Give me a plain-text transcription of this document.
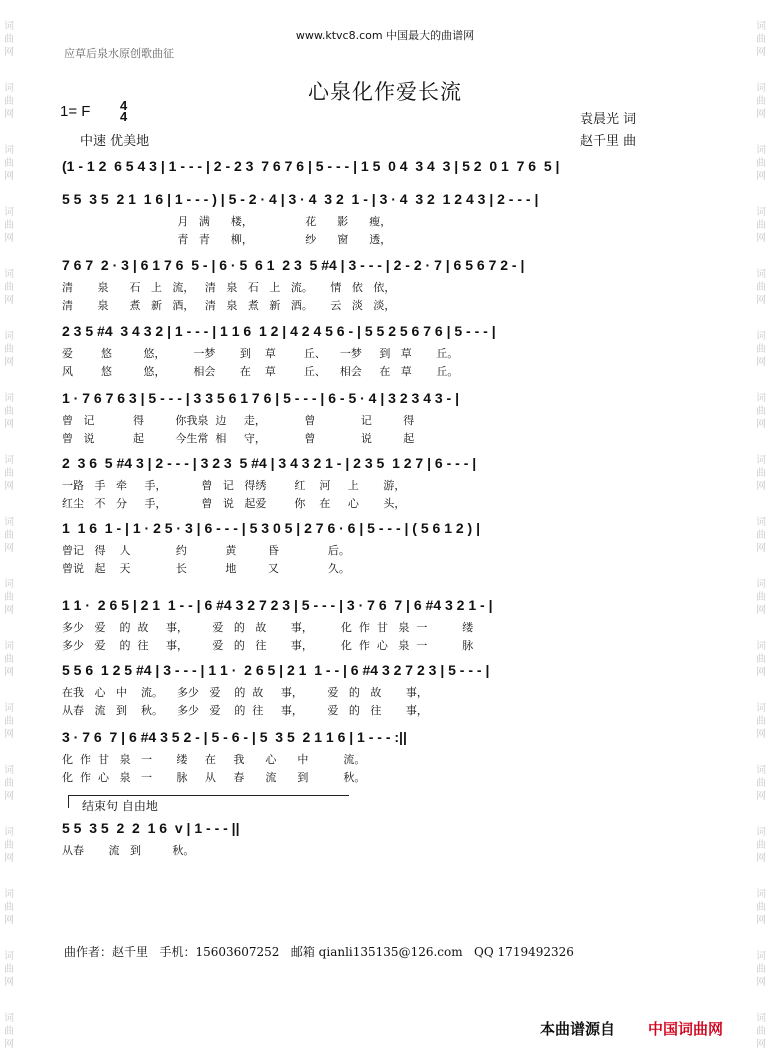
词
曲
网
词
曲
网
词
曲
网
词
曲
网
词
曲
网
词
曲
网
词
曲
网
词
曲
网
词
曲
网
词
曲
网
词
曲
网
词
曲
网
词
曲
网
词
曲
网
词
曲
网
词
曲
网
词
曲
网
词
曲
网
词
曲
网
词
曲
网
词
曲
网
词
曲
网
词
曲
网
词
曲
网
词
曲
网
词
曲
网
词
曲
网
词
曲
网
词
曲
网
词
曲
网
词
曲
网
词
曲
网
词
曲
网
词
曲
网
www.ktvc8.com 中国最大的曲谱网
应草后泉水原创歌曲征
心泉化作爱长流
1= F 4
4
中速 优美地
袁晨光 词
赵千里 曲
(1 - 1 2  6 5 4 3 | 1 - - - | 2 - 2 3  7 6 7 6 | 5 - - - | 1 5  0 4  3 4  3 | 5 2  0 1  7 6  5 |
5 5  3 5  2 1  1 6 | 1 - - - ) | 5 - 2 · 4 | 3 · 4  3 2  1 - | 3 · 4  3 2  1 2 4 3 | 2 - - - |
月   满      楼，               花      影      瘦，
青   青      柳，               纱      窗      透，
7 6 7  2 · 3 | 6 1 7 6  5 - | 6 · 5  6 1  2 3  5 #4 | 3 - - - | 2 - 2 · 7 | 6 5 6 7 2 - |
清       泉      石   上   流，   清   泉   石   上   流。     情   依   依，
清       泉      煮   新   酒，   清   泉   煮   新   酒。     云   淡   淡，
2 3 5 #4  3 4 3 2 | 1 - - - | 1 1 6  1 2 | 4 2 4 5 6 - | 5 5 2 5 6 7 6 | 5 - - - |
爱        悠         悠，        一梦       到    草        丘、    一梦     到   草       丘。
风        悠         悠，        相会       在    草        丘、    相会     在   草       丘。
1 · 7 6 7 6 3 | 5 - - - | 3 3 5 6 1 7 6 | 5 - - - | 6 - 5 · 4 | 3 2 3 4 3 - |
曾   记           得         你我泉  边     走，           曾             记         得
曾   说           起         今生常  相     守，           曾             说         起
2  3 6  5 #4 3 | 2 - - - | 3 2 3  5 #4 | 3 4 3 2 1 - | 2 3 5  1 2 7 | 6 - - - |
一路   手   牵     手，          曾   记   得绣        红    河     上       游，
红尘   不   分     手，          曾   说   起爱        你    在     心       头，
1  1 6  1 - | 1 · 2 5 · 3 | 6 - - - | 5 3 0 5 | 2 7 6 · 6 | 5 - - - | ( 5 6 1 2 ) |
曾记   得    人             约           黄         昏              后。
曾说   起    天             长           地         又              久。
1 1 ·  2 6 5 | 2 1  1 - - | 6 #4 3 2 7 2 3 | 5 - - - | 3 · 7 6  7 | 6 #4 3 2 1 - |
多少   爱    的  故     事，       爱   的   故       事，        化  作  甘   泉  一          缕
多少   爱    的  往     事，       爱   的   往       事，        化  作  心   泉  一          脉
5 5 6  1 2 5 #4 | 3 - - - | 1 1 ·  2 6 5 | 2 1  1 - - | 6 #4 3 2 7 2 3 | 5 - - - |
在我   心   中    流。    多少   爱    的  故     事，       爱   的   故       事，
从春   流   到    秋。    多少   爱    的  往     事，       爱   的   往       事，
3 · 7 6  7 | 6 #4 3 5 2 - | 5 - 6 - | 5  3 5  2 1 1 6 | 1 - - - :||
化  作  甘   泉   一       缕     在     我      心      中          流。
化  作  心   泉   一       脉     从     春      流      到          秋。
结束句 自由地
5 5  3 5  2  2  1 6  v | 1 - - - ||
从春       流   到         秋。
曲作者：赵千里   手机：15603607252   邮箱 qianli135135@126.com   QQ 1719492326
本曲谱源自 中国词曲网
